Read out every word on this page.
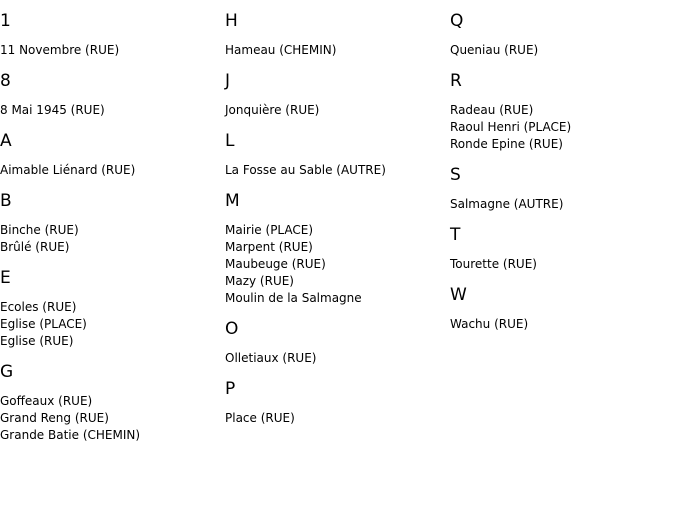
1
11 Novembre (RUE)
8
8 Mai 1945 (RUE)
A
Aimable Liénard (RUE)
B
Binche (RUE)
Brûlé (RUE)
E
Ecoles (RUE)
Eglise (PLACE)
Eglise (RUE)
G
Goffeaux (RUE)
Grand Reng (RUE)
Grande Batie (CHEMIN)
H
Hameau (CHEMIN)
J
Jonquière (RUE)
L
La Fosse au Sable (AUTRE)
M
Mairie (PLACE)
Marpent (RUE)
Maubeuge (RUE)
Mazy (RUE)
Moulin de la Salmagne
O
Olletiaux (RUE)
P
Place (RUE)
Q
Queniau (RUE)
R
Radeau (RUE)
Raoul Henri (PLACE)
Ronde Epine (RUE)
S
Salmagne (AUTRE)
T
Tourette (RUE)
W
Wachu (RUE)
